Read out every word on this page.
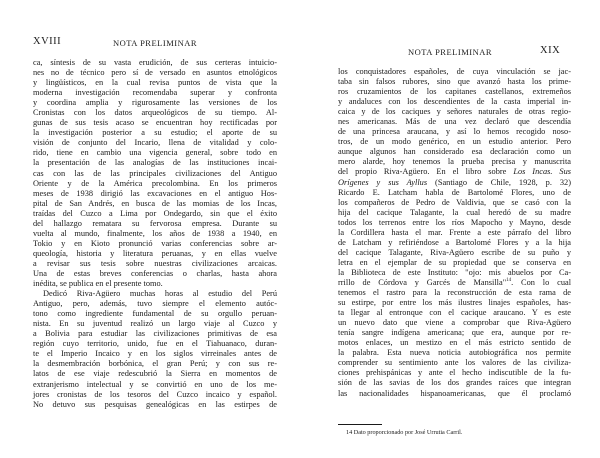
XVIII	NOTA PRELIMINAR
ca, síntesis de su vasta erudición, de sus certeras intuicio-
nes no de técnico pero sí de versado en asuntos etnológicos
y lingüísticos, en la cual revisa puntos de vista que la
moderna investigación recomendaba superar y confronta
y coordina amplia y rigurosamente las versiones de los
Cronistas con los datos arqueológicos de su tiempo. Al-
gunas de sus tesis acaso se encuentran hoy rectificadas por
la investigación posterior a su estudio; el aporte de su
visión de conjunto del Incario, llena de vitalidad y colo-
rido, tiene en cambio una vigencia general, sobre todo en
la presentación de las analogías de las instituciones incai-
cas con las de las principales civilizaciones del Antiguo
Oriente y de la América precolombina. En los primeros
meses de 1938 dirigió las excavaciones en el antiguo Hos-
pital de San Andrés, en busca de las momias de los Incas,
traídas del Cuzco a Lima por Ondegardo, sin que el éxito
del hallazgo rematara su fervorosa empresa. Durante su
vuelta al mundo, finalmente, los años de 1938 a 1940, en
Tokio y en Kioto pronunció varias conferencias sobre ar-
queología, historia y literatura peruanas, y en ellas vuelve
a revisar sus tesis sobre nuestras civilizaciones arcaicas.
Una de estas breves conferencias o charlas, hasta ahora
inédita, se publica en el presente tomo.
Dedicó Riva-Agüero muchas horas al estudio del Perú
Antiguo, pero, además, tuvo siempre el elemento autóc-
tono como ingrediente fundamental de su orgullo peruan-
nista. En su juventud realizó un largo viaje al Cuzco y
a Bolivia para estudiar las civilizaciones primitivas de esa
región cuyo territorio, unido, fue en el Tiahuanaco, duran-
te el Imperio Incaico y en los siglos virreinales antes de
la desmembración borbónica, el gran Perú; y con sus re-
latos de ese viaje redescubrió la Sierra en momentos de
extranjerismo intelectual y se convirtió en uno de los me-
jores cronistas de los tesoros del Cuzco incaico y español.
No detuvo sus pesquisas genealógicas en las estirpes de
NOTA PRELIMINAR	XIX
los conquistadores españoles, de cuya vinculación se jac-
taba sin falsos rubores, sino que avanzó hasta los prime-
ros cruzamientos de los capitanes castellanos, extremeños
y andaluces con los descendientes de la casta imperial in-
caica y de los caciques y señores naturales de otras regio-
nes americanas. Más de una vez declaró que descendía
de una princesa araucana, y así lo hemos recogido noso-
tros, de un modo genérico, en un estudio anterior. Pero
aunque algunos han considerado esa declaración como un
mero alarde, hoy tenemos la prueba precisa y manuscrita
del propio Riva-Agüero. En el libro sobre Los Incas. Sus
Orígenes y sus Ayllus (Santiago de Chile, 1928, p. 32)
Ricardo E. Latcham habla de Bartolomé Flores, uno de
los compañeros de Pedro de Valdivia, que se casó con la
hija del cacique Talagante, la cual heredó de su madre
todos los terrenos entre los ríos Mapocho y Mayno, desde
la Cordillera hasta el mar. Frente a este párrafo del libro
de Latcham y refiriéndose a Bartolomé Flores y a la hija
del cacique Talagante, Riva-Agüero escribe de su puño y
letra en el ejemplar de su propiedad que se conserva en
la Biblioteca de este Instituto: "ojo: mis abuelos por Ca-
rrillo de Córdova y Garcés de Mansilla"$^{14}$. Con lo cual
tenemos el rastro para la reconstrucción de esta rama de
su estirpe, por entre los más ilustres linajes españoles, has-
ta llegar al entronque con el cacique araucano. Y es este
un nuevo dato que viene a comprobar que Riva-Agüero
tenía sangre indígena americana; que era, aunque por re-
motos enlaces, un mestizo en el más estricto sentido de
la palabra. Esta nueva noticia autobiográfica nos permite
comprender su sentimiento ante los valores de las civiliza-
ciones prehispánicas y ante el hecho indiscutible de la fu-
sión de las savias de los dos grandes raíces que integran
las nacionalidades hispanoamericanas, que él proclamó
14 Dato proporcionado por José Urrutia Carril.
